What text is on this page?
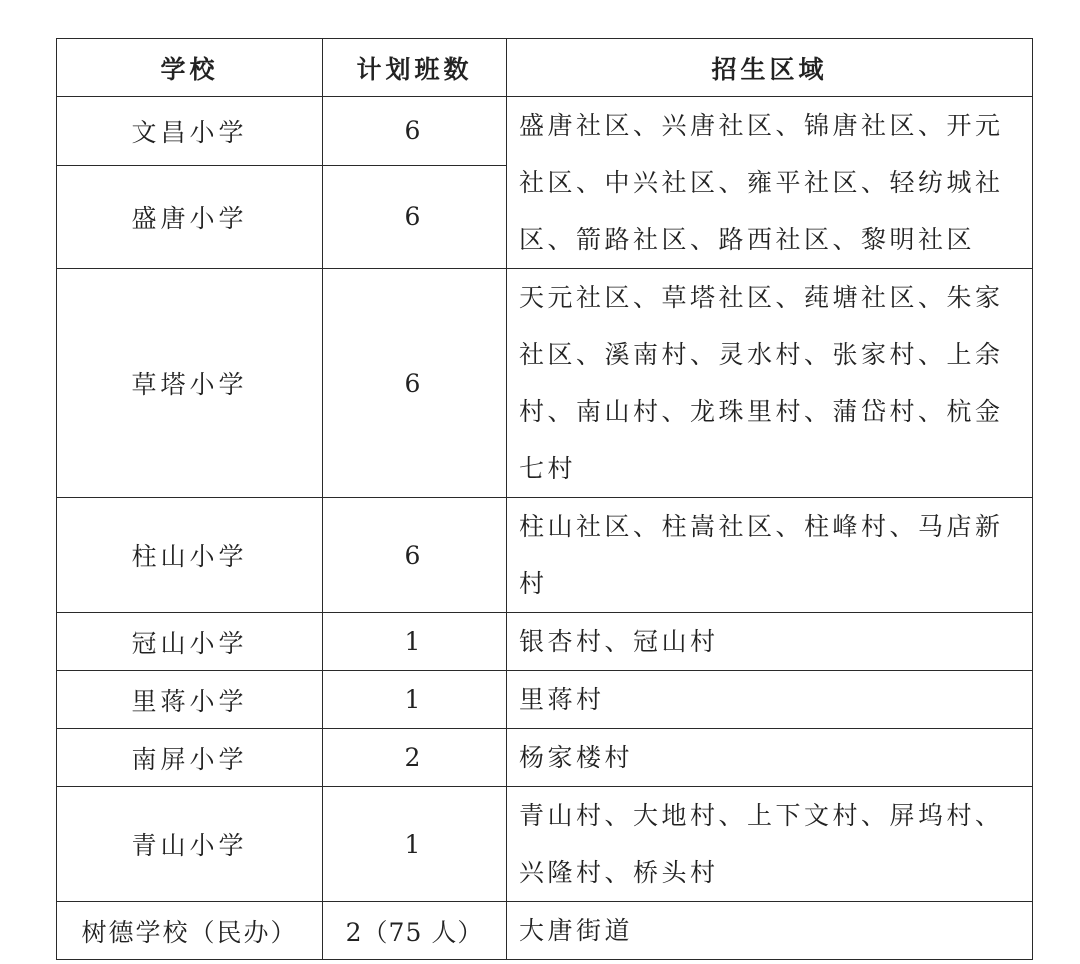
学校	计划班数	招生区域
文昌小学	6	盛唐社区、兴唐社区、锦唐社区、开元社区、中兴社区、雍平社区、轻纺城社区、箭路社区、路西社区、黎明社区
盛唐小学	6	
草塔小学	6	天元社区、草塔社区、莼塘社区、朱家社区、溪南村、灵水村、张家村、上余村、南山村、龙珠里村、蒲岱村、杭金七村
柱山小学	6	柱山社区、柱嵩社区、柱峰村、马店新村
冠山小学	1	银杏村、冠山村
里蒋小学	1	里蒋村
南屏小学	2	杨家楼村
青山小学	1	青山村、大地村、上下文村、屏坞村、兴隆村、桥头村
树德学校（民办）	2（75 人）	大唐街道
